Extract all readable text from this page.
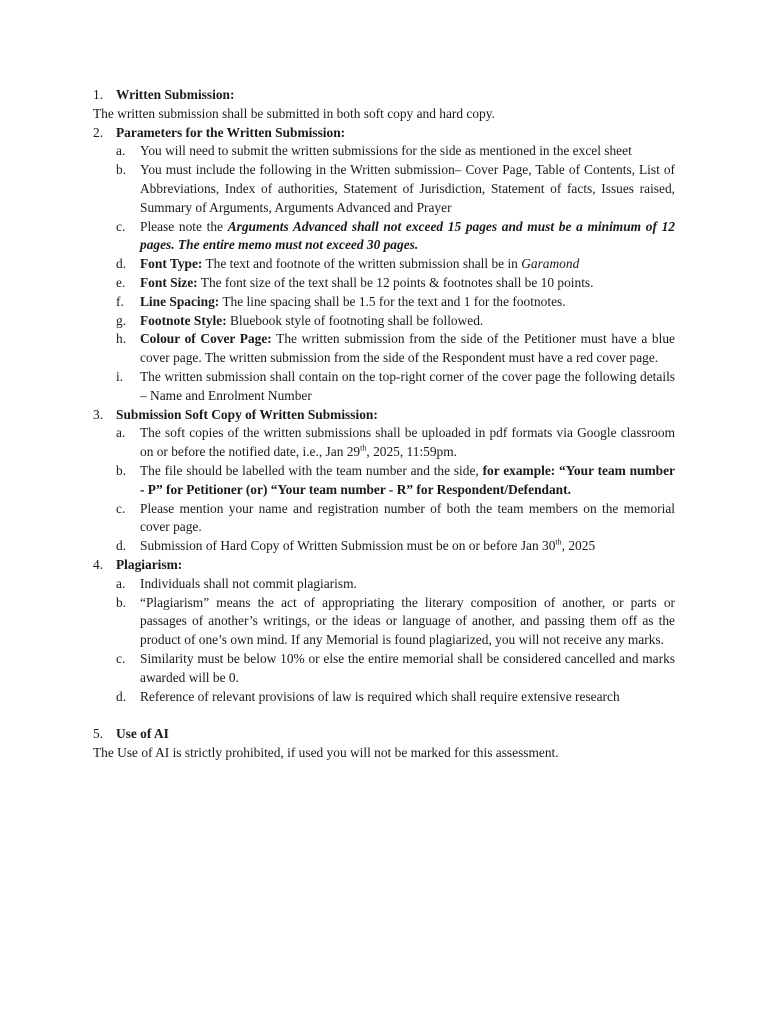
1. Written Submission:

The written submission shall be submitted in both soft copy and hard copy.

2. Parameters for the Written Submission:
a.	You will need to submit the written submissions for the side as mentioned in the excel sheet
b.	You must include the following in the Written submission– Cover Page, Table of Contents, List of Abbreviations, Index of authorities, Statement of Jurisdiction, Statement of facts, Issues raised, Summary of Arguments, Arguments Advanced and Prayer
c.	Please note the Arguments Advanced shall not exceed 15 pages and must be a minimum of 12 pages. The entire memo must not exceed 30 pages.
d.	Font Type: The text and footnote of the written submission shall be in Garamond
e.	Font Size: The font size of the text shall be 12 points & footnotes shall be 10 points.
f.	Line Spacing: The line spacing shall be 1.5 for the text and 1 for the footnotes.
g.	Footnote Style: Bluebook style of footnoting shall be followed.
h.	Colour of Cover Page: The written submission from the side of the Petitioner must have a blue cover page. The written submission from the side of the Respondent must have a red cover page.
i.	The written submission shall contain on the top-right corner of the cover page the following details – Name and Enrolment Number
3. Submission Soft Copy of Written Submission:
a.	The soft copies of the written submissions shall be uploaded in pdf formats via Google classroom on or before the notified date, i.e., Jan 29th, 2025, 11:59pm.
b.	The file should be labelled with the team number and the side, for example: “Your team number - P” for Petitioner (or) “Your team number - R” for Respondent/Defendant.
c.	Please mention your name and registration number of both the team members on the memorial cover page.
d.	Submission of Hard Copy of Written Submission must be on or before Jan 30th, 2025
4. Plagiarism:
a.	Individuals shall not commit plagiarism.
b.	“Plagiarism” means the act of appropriating the literary composition of another, or parts or passages of another’s writings, or the ideas or language of another, and passing them off as the product of one’s own mind. If any Memorial is found plagiarized, you will not receive any marks.
c.	Similarity must be below 10% or else the entire memorial shall be considered cancelled and marks awarded will be 0.
d.	Reference of relevant provisions of law is required which shall require extensive research
5. Use of AI

The Use of AI is strictly prohibited, if used you will not be marked for this assessment.
